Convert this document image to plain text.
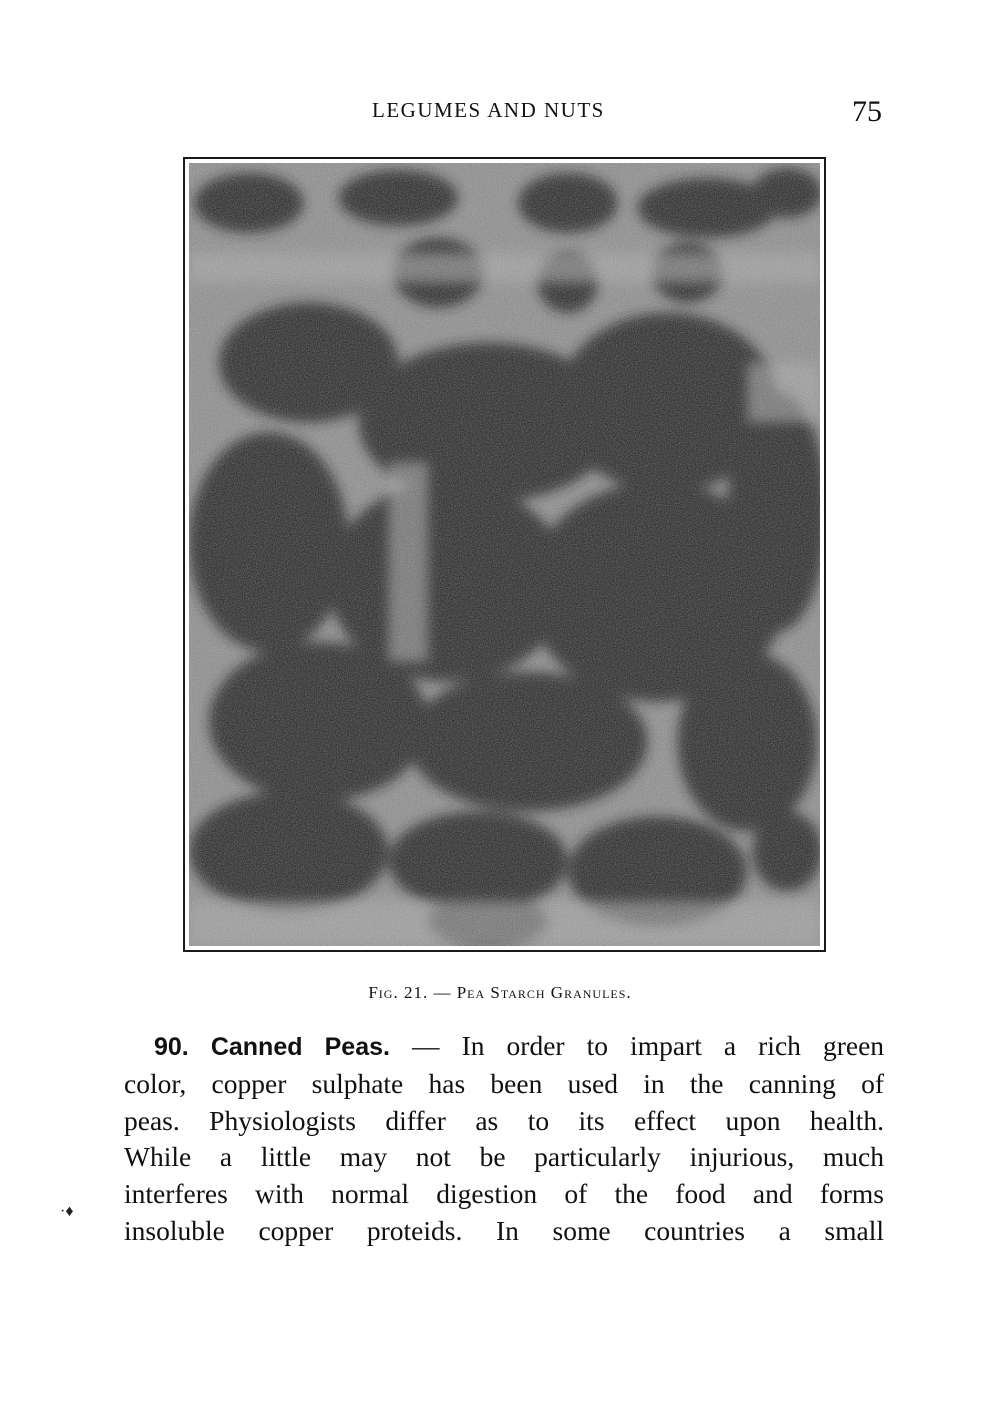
LEGUMES AND NUTS	75
Fig. 21. — Pea Starch Granules.
90. Canned Peas. — In order to impart a rich green
color, copper sulphate has been used in the canning of
peas. Physiologists differ as to its effect upon health.
While a little may not be particularly injurious, much
interferes with normal digestion of the food and forms
insoluble copper proteids. In some countries a small
·♦
